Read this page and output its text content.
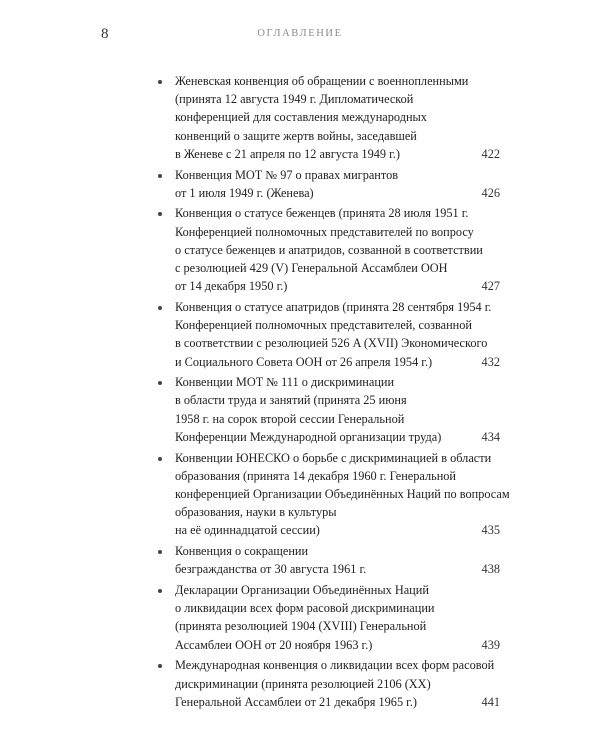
8	ОГЛАВЛЕНИЕ
Женевская конвенция об обращении с военнопленными
(принята 12 августа 1949 г. Дипломатической
конференцией для составления международных
конвенций о защите жертв войны, заседавшей
в Женеве с 21 апреля по 12 августа 1949 г.)	422
Конвенция МОТ № 97 о правах мигрантов
от 1 июля 1949 г. (Женева)	426
Конвенция о статусе беженцев (принята 28 июля 1951 г.
Конференцией полномочных представителей по вопросу
о статусе беженцев и апатридов, созванной в соответствии
с резолюцией 429 (V) Генеральной Ассамблеи ООН
от 14 декабря 1950 г.)	427
Конвенция о статусе апатридов (принята 28 сентября 1954 г.
Конференцией полномочных представителей, созванной
в соответствии с резолюцией 526 A (XVII) Экономического
и Социального Совета ООН от 26 апреля 1954 г.)	432
Конвенции МОТ № 111 о дискриминации
в области труда и занятий (принята 25 июня
1958 г. на сорок второй сессии Генеральной
Конференции Международной организации труда)	434
Конвенции ЮНЕСКО о борьбе с дискриминацией в области
образования (принята 14 декабря 1960 г. Генеральной
конференцией Организации Объединённых Наций по вопросам
образования, науки в культуры
на её одиннадцатой сессии)	435
Конвенция о сокращении
безгражданства от 30 августа 1961 г.	438
Декларации Организации Объединённых Наций
о ликвидации всех форм расовой дискриминации
(принята резолюцией 1904 (XVIII) Генеральной
Ассамблеи ООН от 20 ноября 1963 г.)	439
Международная конвенция о ликвидации всех форм расовой
дискриминации (принята резолюцией 2106 (XX)
Генеральной Ассамблеи от 21 декабря 1965 г.)	441
